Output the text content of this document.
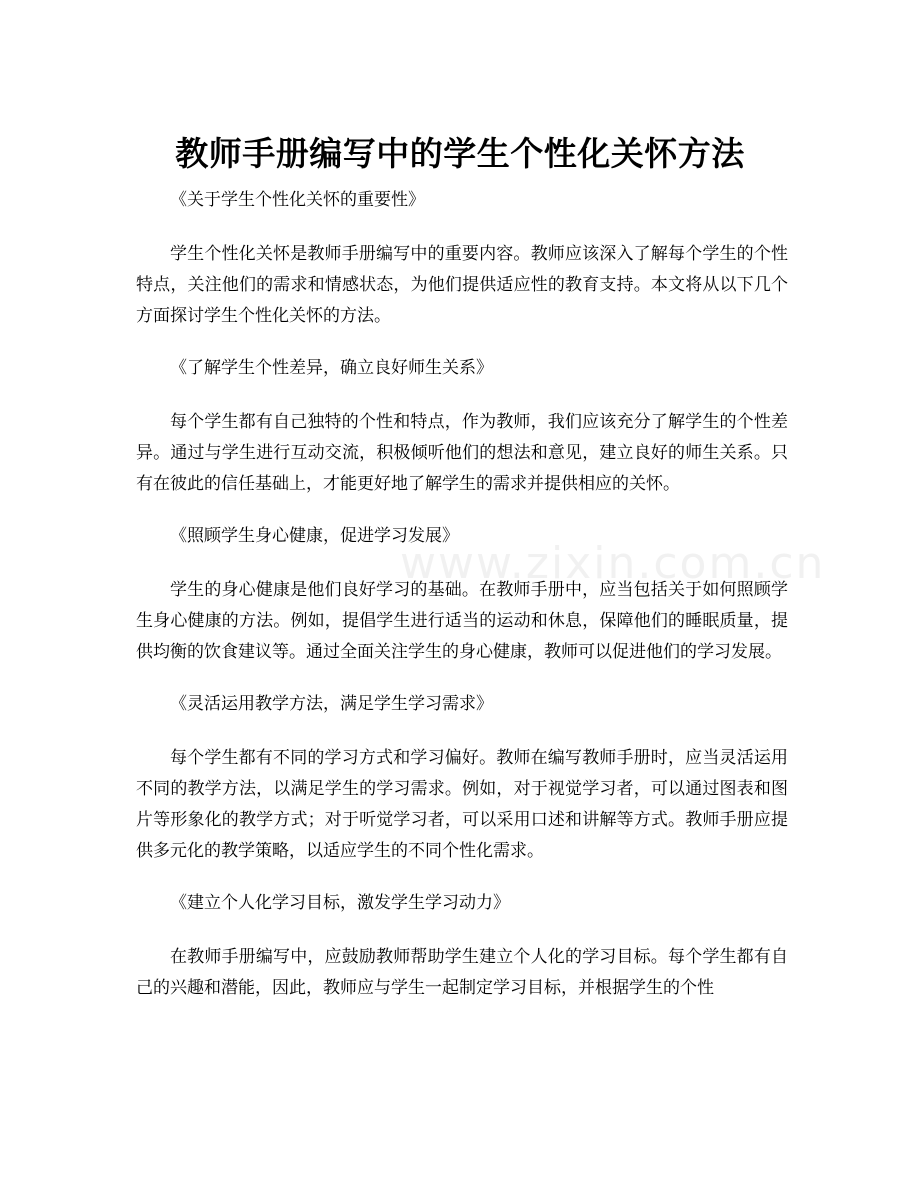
www.zixin.com.cn
教师手册编写中的学生个性化关怀方法

《关于学生个性化关怀的重要性》

学生个性化关怀是教师手册编写中的重要内容。教师应该深入了解每个学生的个性特点，关注他们的需求和情感状态，为他们提供适应性的教育支持。本文将从以下几个方面探讨学生个性化关怀的方法。

《了解学生个性差异，确立良好师生关系》

每个学生都有自己独特的个性和特点，作为教师，我们应该充分了解学生的个性差异。通过与学生进行互动交流，积极倾听他们的想法和意见，建立良好的师生关系。只有在彼此的信任基础上，才能更好地了解学生的需求并提供相应的关怀。

《照顾学生身心健康，促进学习发展》

学生的身心健康是他们良好学习的基础。在教师手册中，应当包括关于如何照顾学生身心健康的方法。例如，提倡学生进行适当的运动和休息，保障他们的睡眠质量，提供均衡的饮食建议等。通过全面关注学生的身心健康，教师可以促进他们的学习发展。

《灵活运用教学方法，满足学生学习需求》

每个学生都有不同的学习方式和学习偏好。教师在编写教师手册时，应当灵活运用不同的教学方法，以满足学生的学习需求。例如，对于视觉学习者，可以通过图表和图片等形象化的教学方式；对于听觉学习者，可以采用口述和讲解等方式。教师手册应提供多元化的教学策略，以适应学生的不同个性化需求。

《建立个人化学习目标，激发学生学习动力》

在教师手册编写中，应鼓励教师帮助学生建立个人化的学习目标。每个学生都有自己的兴趣和潜能，因此，教师应与学生一起制定学习目标，并根据学生的个性
